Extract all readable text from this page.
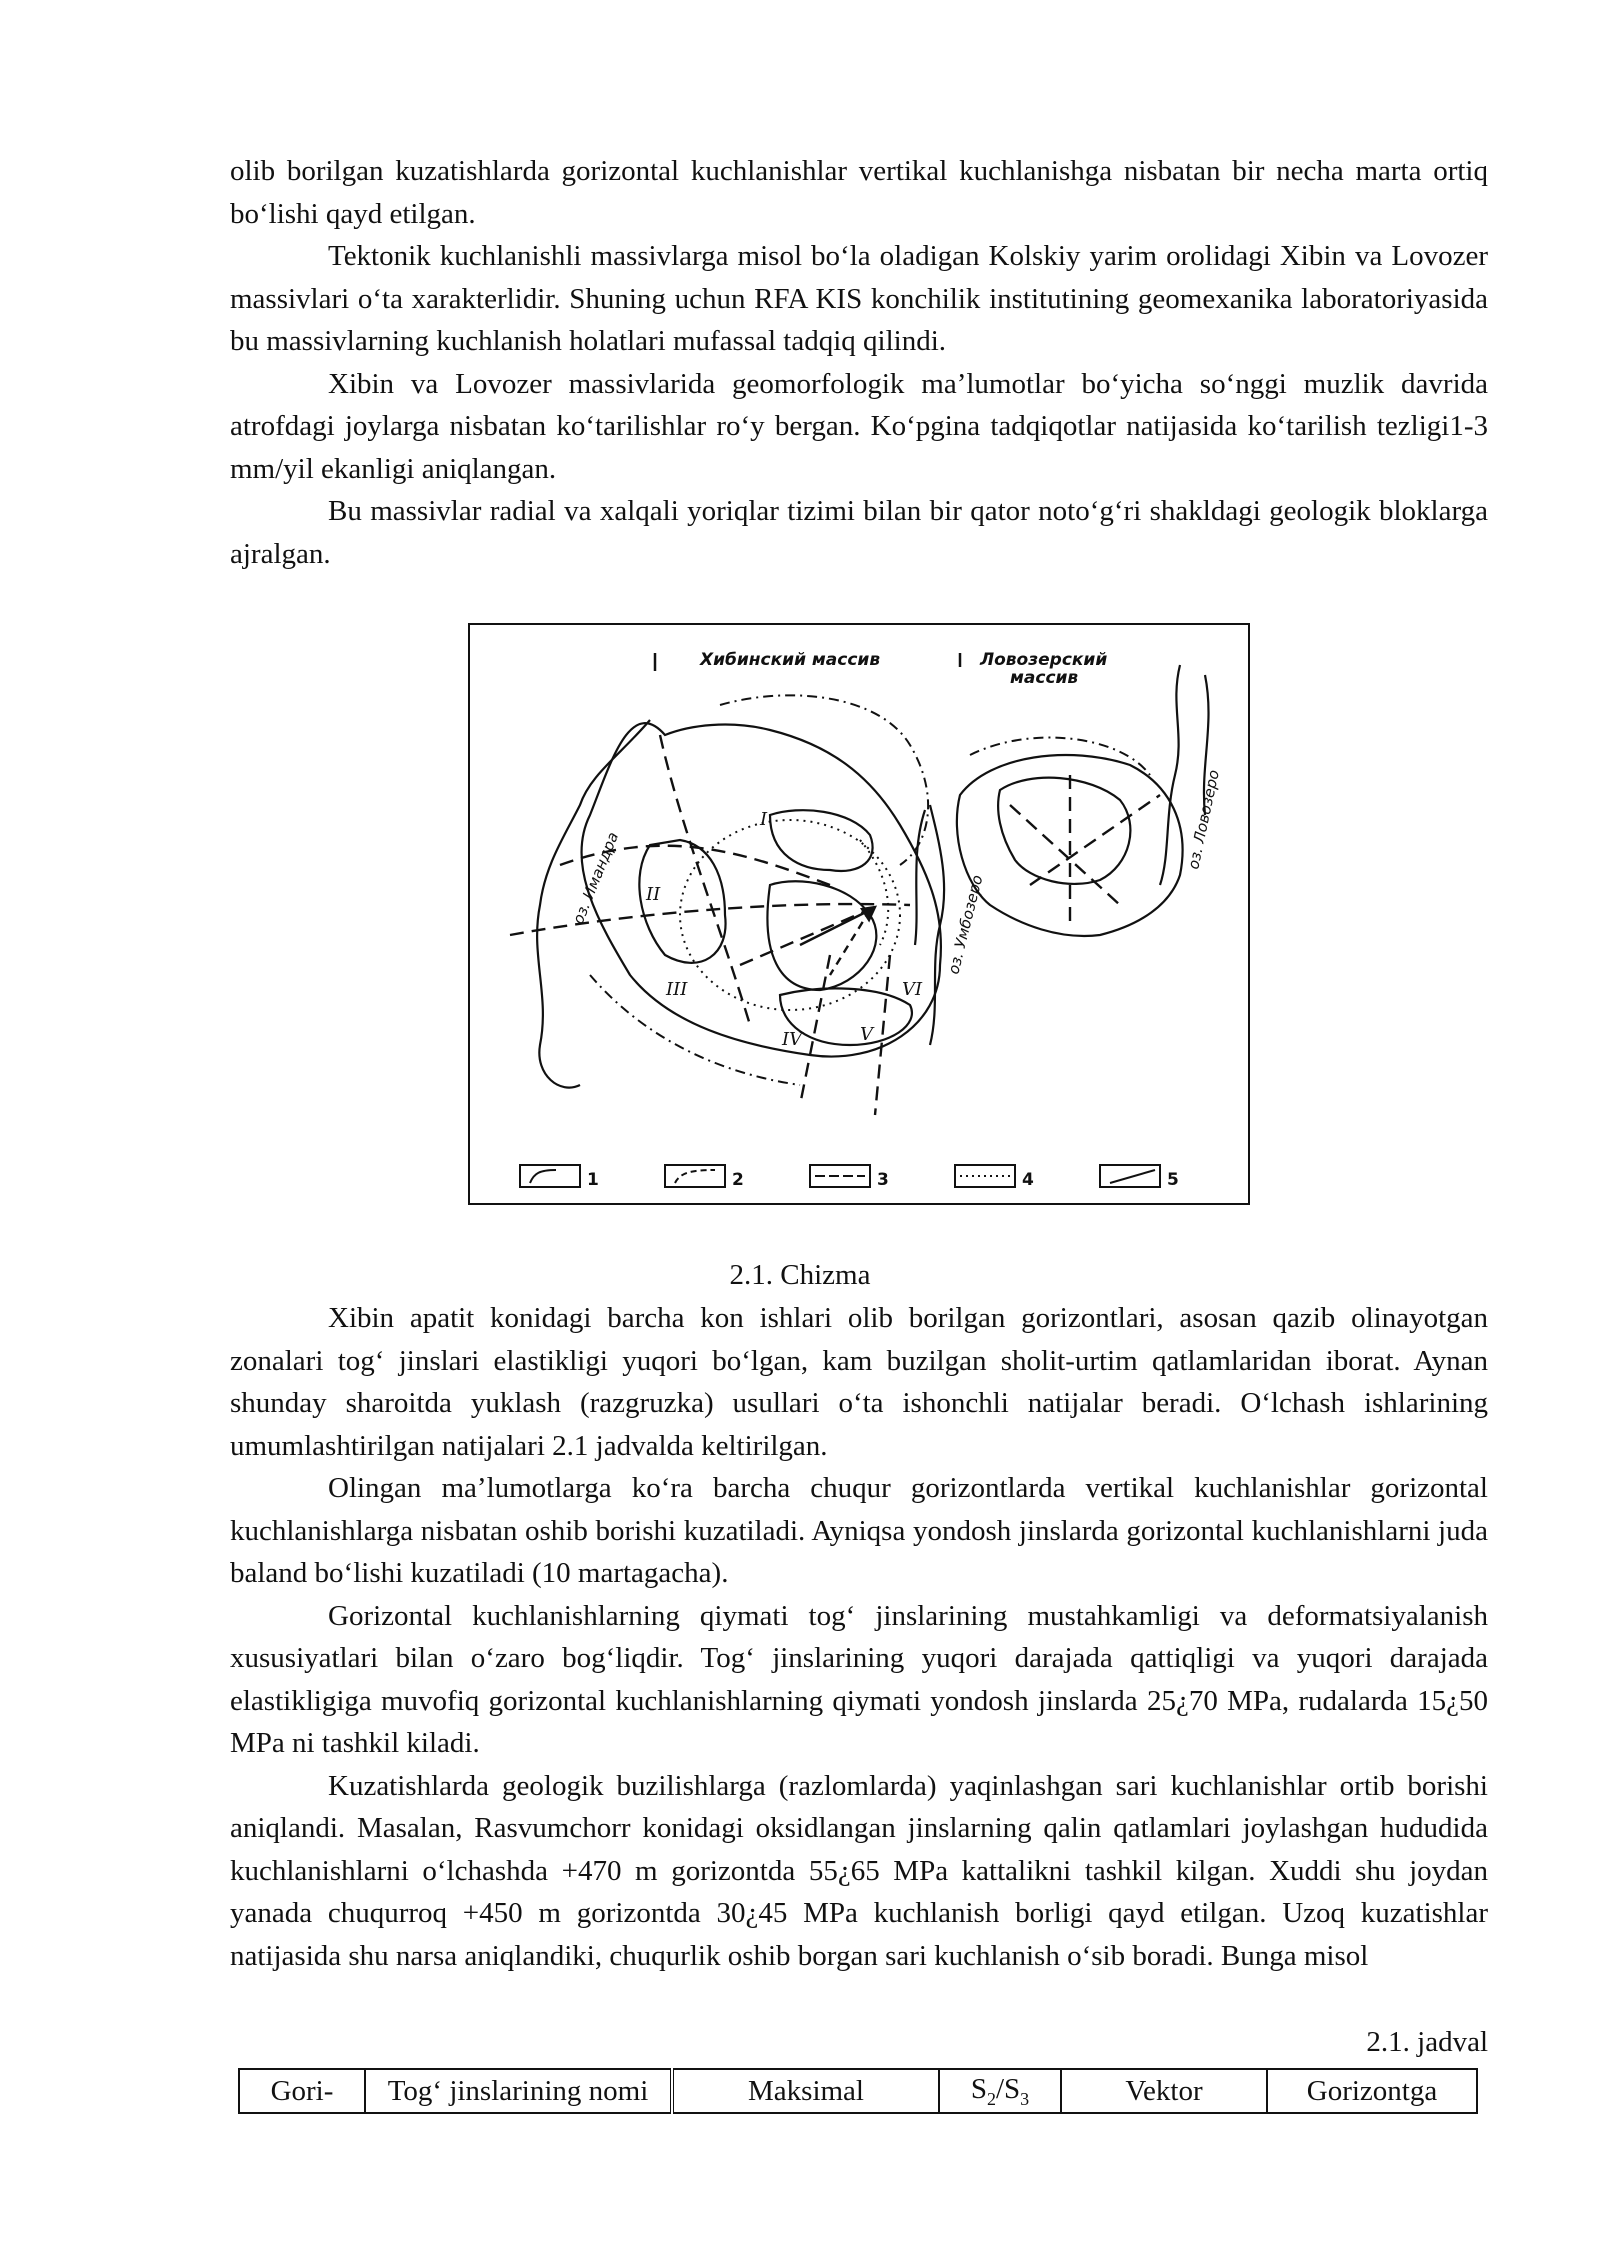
olib borilgan kuzatishlarda gorizontal kuchlanishlar vertikal kuchlanishga nisbatan bir necha marta ortiq bo‘lishi qayd etilgan.

Tektonik kuchlanishli massivlarga misol bo‘la oladigan Kolskiy yarim orolidagi Xibin va Lovozer massivlari o‘ta xarakterlidir. Shuning uchun RFA KIS konchilik institutining geomexanika laboratoriyasida bu massivlarning kuchlanish holatlari mufassal tadqiq qilindi.

Xibin va Lovozer massivlarida geomorfologik ma’lumotlar bo‘yicha so‘nggi muzlik davrida atrofdagi joylarga nisbatan ko‘tarilishlar ro‘y bergan. Ko‘pgina tadqiqotlar natijasida ko‘tarilish tezligi1-3 mm/yil ekanligi aniqlangan.

Bu massivlar radial va xalqali yoriqlar tizimi bilan bir qator noto‘g‘ri shakldagi geologik bloklarga ajralgan.

Хибинский массив	Ловозерский
массив
оз. Имандра	оз. Умбозеро
оз. Ловозеро
I
II
III
IV	V
VI
1	2	3	4	5
2.1. Chizma

Xibin apatit konidagi barcha kon ishlari olib borilgan gorizontlari, asosan qazib olinayotgan zonalari tog‘ jinslari elastikligi yuqori bo‘lgan, kam buzilgan sholit-urtim qatlamlaridan iborat. Aynan shunday sharoitda yuklash (razgruzka) usullari o‘ta ishonchli natijalar beradi. O‘lchash ishlarining umumlashtirilgan natijalari 2.1 jadvalda keltirilgan.

Olingan ma’lumotlarga ko‘ra barcha chuqur gorizontlarda vertikal kuchlanishlar gorizontal kuchlanishlarga nisbatan oshib borishi kuzatiladi. Ayniqsa yondosh jinslarda gorizontal kuchlanishlarni juda baland bo‘lishi kuzatiladi (10 martagacha).

Gorizontal kuchlanishlarning qiymati tog‘ jinslarining mustahkamligi va deformatsiyalanish xususiyatlari bilan o‘zaro bog‘liqdir. Tog‘ jinslarining yuqori darajada qattiqligi va yuqori darajada elastikligiga muvofiq gorizontal kuchlanishlarning qiymati yondosh jinslarda 25¿70 MPa, rudalarda 15¿50 MPa ni tashkil kiladi.

Kuzatishlarda geologik buzilishlarga (razlomlarda) yaqinlashgan sari kuchlanishlar ortib borishi aniqlandi. Masalan, Rasvumchorr konidagi oksidlangan jinslarning qalin qatlamlari joylashgan hududida kuchlanishlarni o‘lchashda +470 m gorizontda 55¿65 MPa kattalikni tashkil kilgan. Xuddi shu joydan yanada chuqurroq +450 m gorizontda 30¿45 MPa kuchlanish borligi qayd etilgan. Uzoq kuzatishlar natijasida shu narsa aniqlandiki, chuqurlik oshib borgan sari kuchlanish o‘sib boradi. Bunga misol

2.1. jadval
Gori-	Tog‘ jinslarining nomi	Maksimal	$S_2/S_3$	Vektor	Gorizontga
